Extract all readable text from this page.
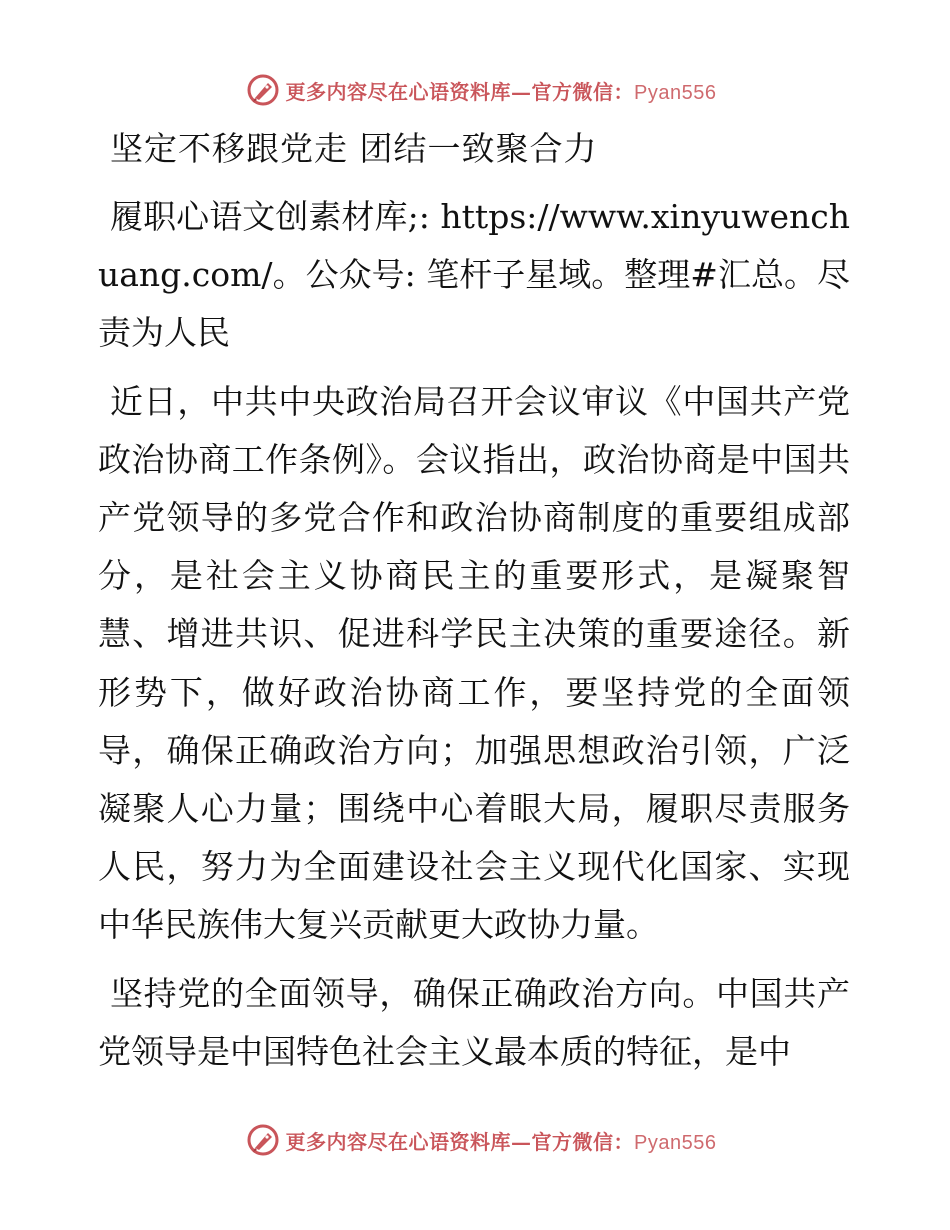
更多内容尽在心语资料库—官方微信：Pyan556
坚定不移跟党走 团结一致聚合力
履职心语文创素材库;: https://www.xinyuwenchuang.com/。公众号: 笔杆子星域。整理#汇总。尽责为人民
近日，中共中央政治局召开会议审议《中国共产党政治协商工作条例》。会议指出，政治协商是中国共产党领导的多党合作和政治协商制度的重要组成部分，是社会主义协商民主的重要形式，是凝聚智慧、增进共识、促进科学民主决策的重要途径。新形势下，做好政治协商工作，要坚持党的全面领导，确保正确政治方向；加强思想政治引领，广泛凝聚人心力量；围绕中心着眼大局，履职尽责服务人民，努力为全面建设社会主义现代化国家、实现中华民族伟大复兴贡献更大政协力量。
坚持党的全面领导，确保正确政治方向。中国共产党领导是中国特色社会主义最本质的特征，是中
更多内容尽在心语资料库—官方微信：Pyan556
